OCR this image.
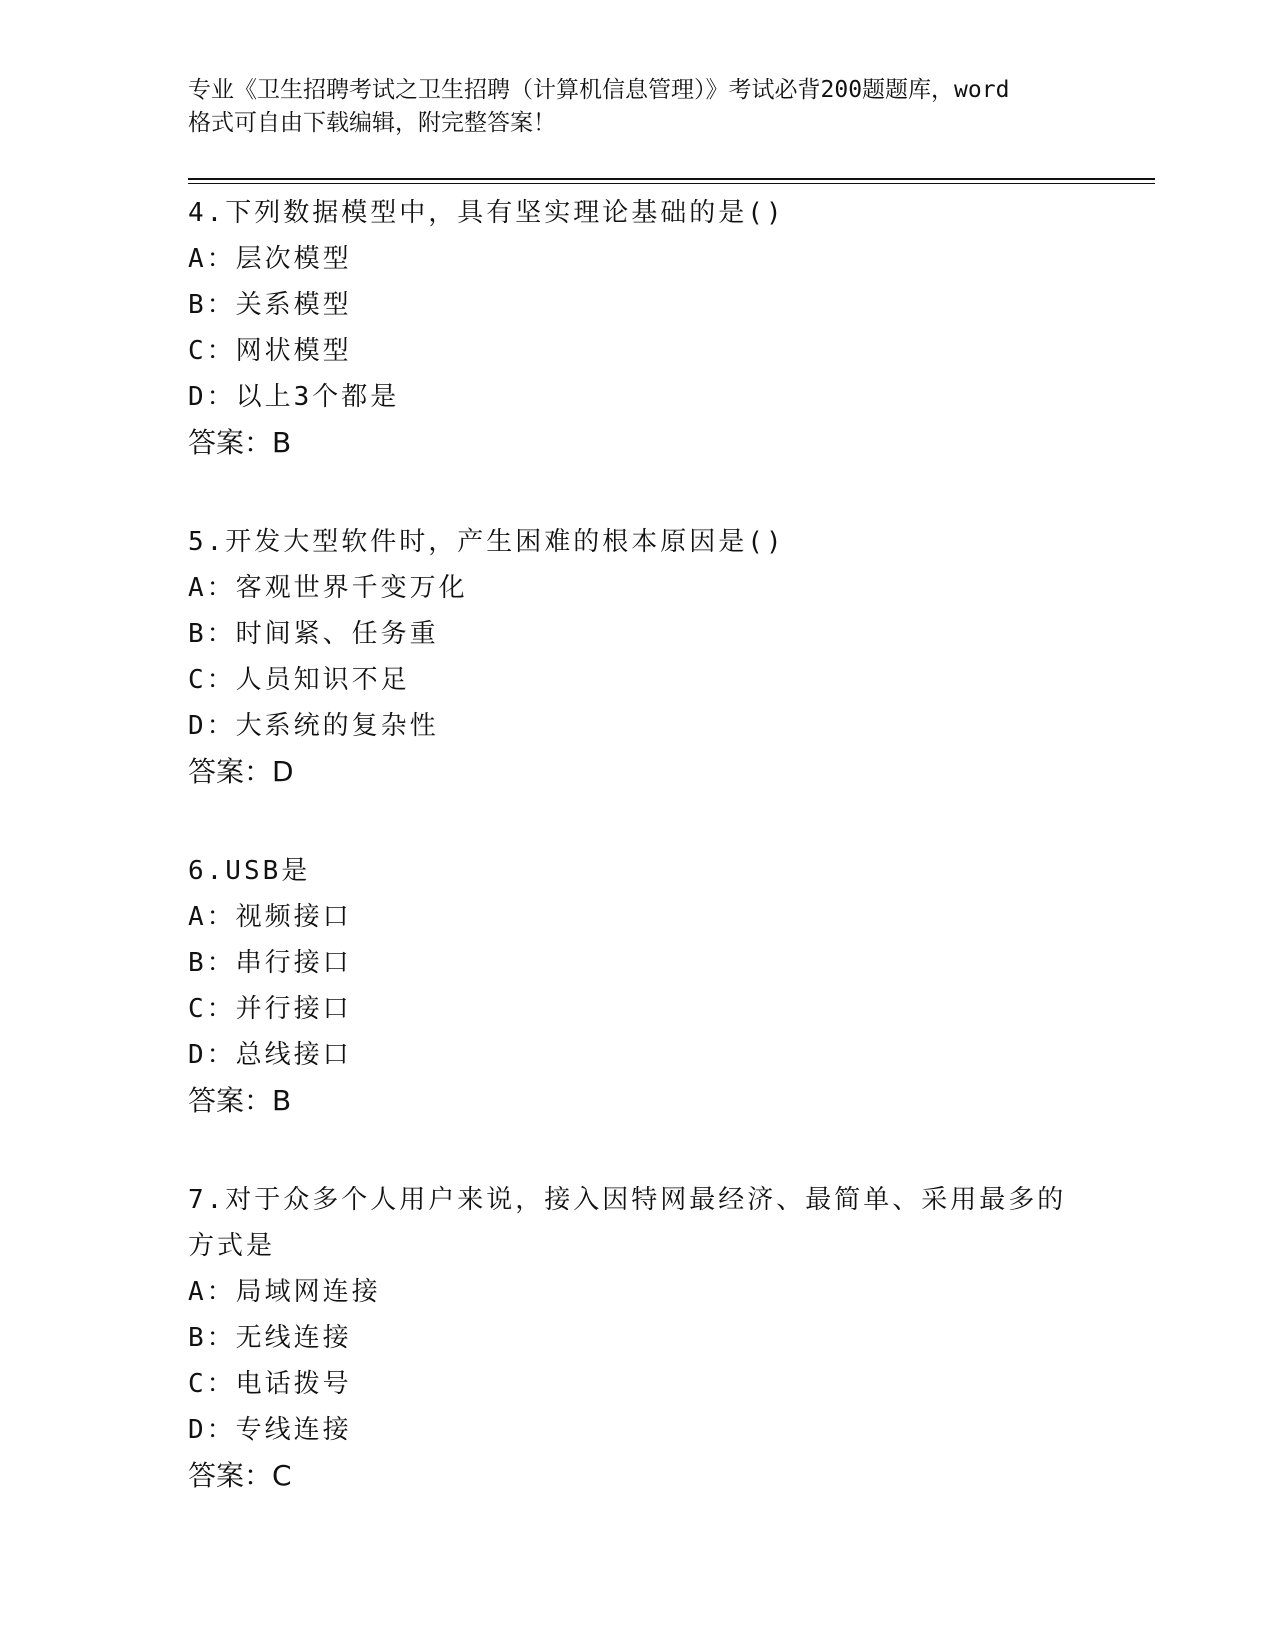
专业《卫生招聘考试之卫生招聘（计算机信息管理）》考试必背200题题库，word
格式可自由下载编辑，附完整答案！
4.下列数据模型中，具有坚实理论基础的是()
A：层次模型
B：关系模型
C：网状模型
D：以上3个都是
答案：B
5.开发大型软件时，产生困难的根本原因是()
A：客观世界千变万化
B：时间紧、任务重
C：人员知识不足
D：大系统的复杂性
答案：D
6.USB是
A：视频接口
B：串行接口
C：并行接口
D：总线接口
答案：B
7.对于众多个人用户来说，接入因特网最经济、最简单、采用最多的
方式是
A：局域网连接
B：无线连接
C：电话拨号
D：专线连接
答案：C
